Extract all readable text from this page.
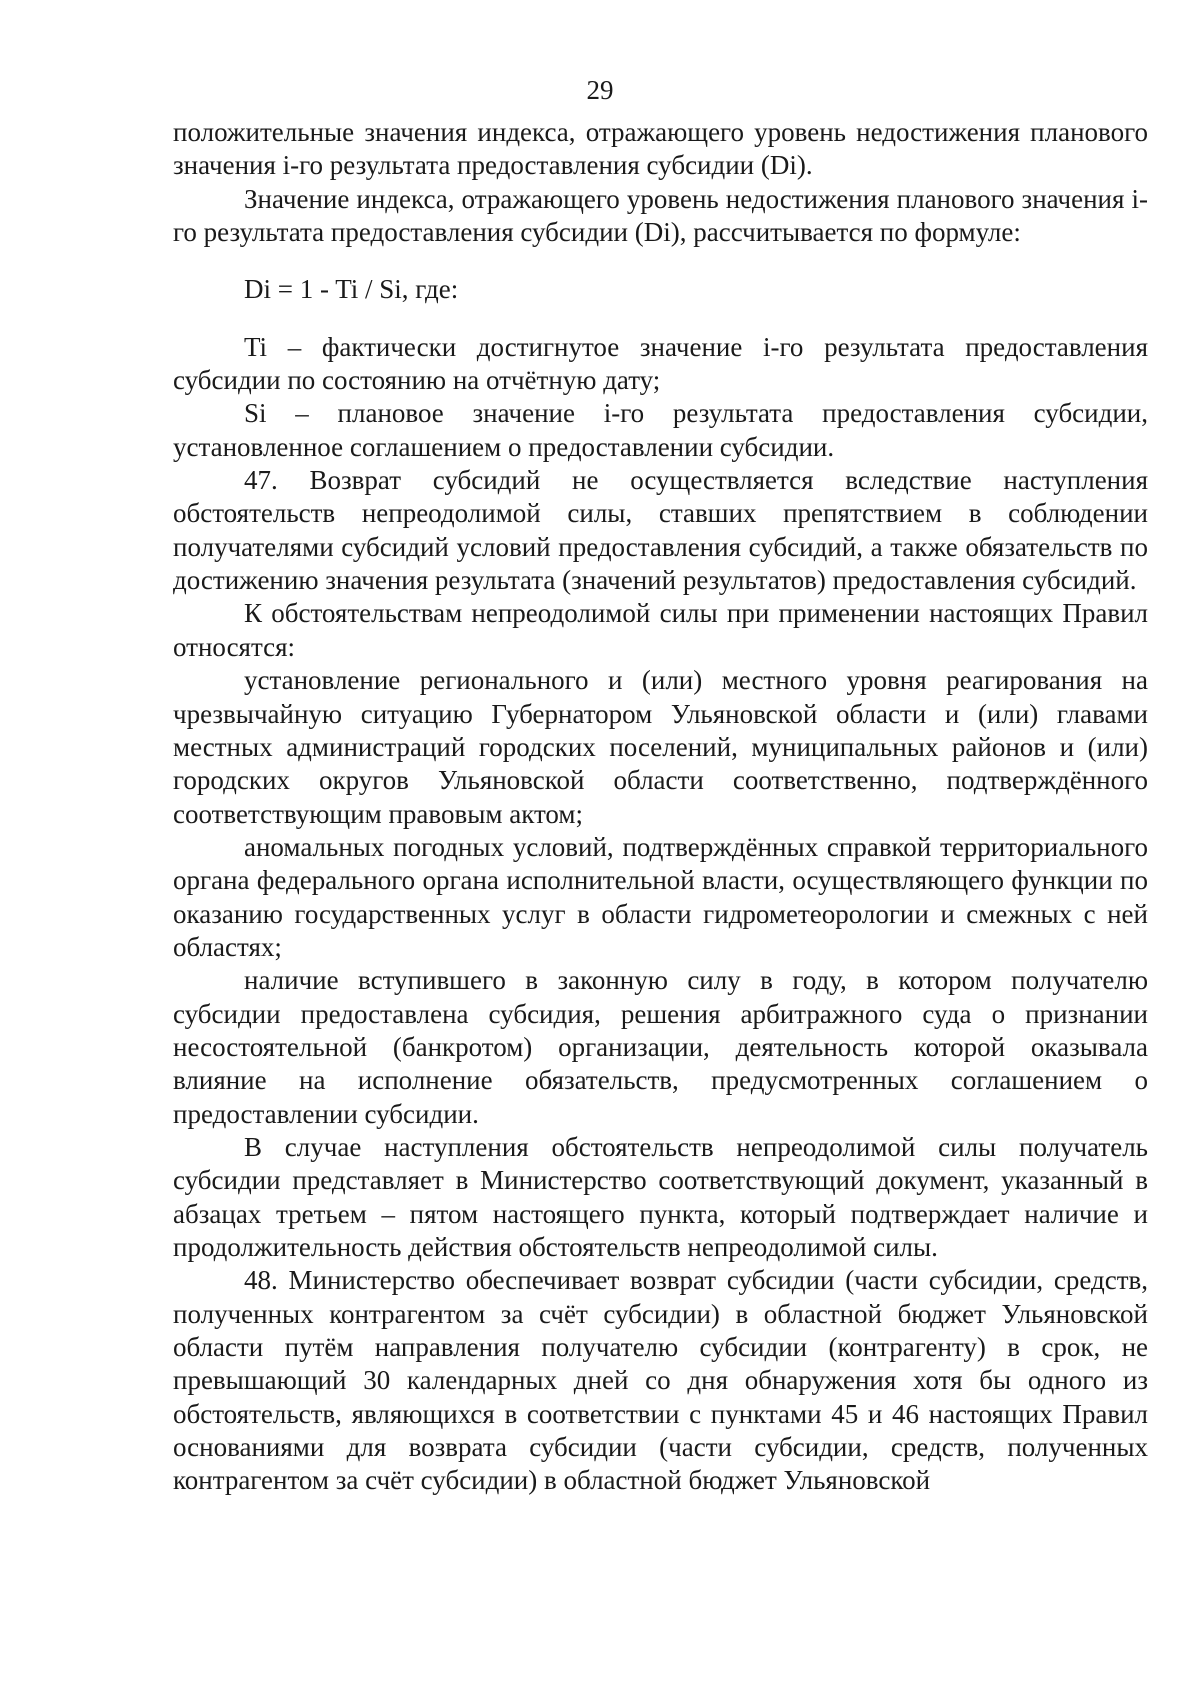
29

положительные значения индекса, отражающего уровень недостижения планового значения i-го результата предоставления субсидии (Di).

Значение индекса, отражающего уровень недостижения планового значения i-го результата предоставления субсидии (Di), рассчитывается по формуле:

Di = 1 - Ti / Si, где:

Ti – фактически достигнутое значение i-го результата предоставления субсидии по состоянию на отчётную дату;

Si – плановое значение i-го результата предоставления субсидии, установленное соглашением о предоставлении субсидии.

47. Возврат субсидий не осуществляется вследствие наступления обстоятельств непреодолимой силы, ставших препятствием в соблюдении получателями субсидий условий предоставления субсидий, а также обязательств по достижению значения результата (значений результатов) предоставления субсидий.

К обстоятельствам непреодолимой силы при применении настоящих Правил относятся:

установление регионального и (или) местного уровня реагирования на чрезвычайную ситуацию Губернатором Ульяновской области и (или) главами местных администраций городских поселений, муниципальных районов и (или) городских округов Ульяновской области соответственно, подтверждённого соответствующим правовым актом;

аномальных погодных условий, подтверждённых справкой территориального органа федерального органа исполнительной власти, осуществляющего функции по оказанию государственных услуг в области гидрометеорологии и смежных с ней областях;

наличие вступившего в законную силу в году, в котором получателю субсидии предоставлена субсидия, решения арбитражного суда о признании несостоятельной (банкротом) организации, деятельность которой оказывала влияние на исполнение обязательств, предусмотренных соглашением о предоставлении субсидии.

В случае наступления обстоятельств непреодолимой силы получатель субсидии представляет в Министерство соответствующий документ, указанный в абзацах третьем – пятом настоящего пункта, который подтверждает наличие и продолжительность действия обстоятельств непреодолимой силы.

48. Министерство обеспечивает возврат субсидии (части субсидии, средств, полученных контрагентом за счёт субсидии) в областной бюджет Ульяновской области путём направления получателю субсидии (контрагенту) в срок, не превышающий 30 календарных дней со дня обнаружения хотя бы одного из обстоятельств, являющихся в соответствии с пунктами 45 и 46 настоящих Правил основаниями для возврата субсидии (части субсидии, средств, полученных контрагентом за счёт субсидии) в областной бюджет Ульяновской
